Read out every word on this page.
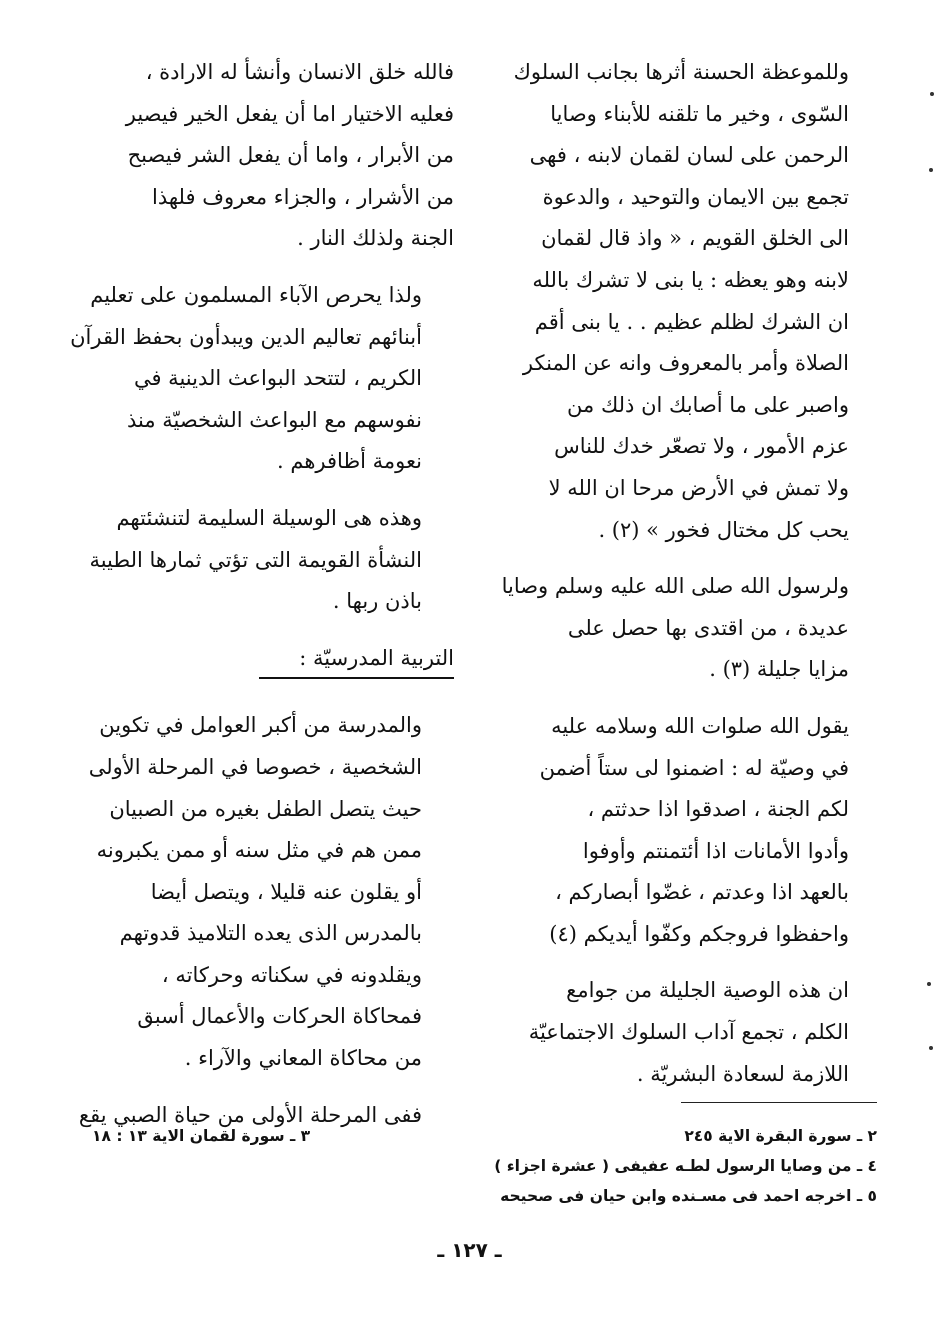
وللموعظة الحسنة أثرها بجانب السلوك
السّوى ، وخير ما تلقنه للأبناء وصايا
الرحمن على لسان لقمان لابنه ، فهى
تجمع بين الايمان والتوحيد ، والدعوة
الى الخلق القويم ، « واذ قال لقمان
لابنه وهو يعظه : يا بنى لا تشرك بالله
ان الشرك لظلم عظيم . . يا بنى أقم
الصلاة وأمر بالمعروف وانه عن المنكر
واصبر على ما أصابك ان ذلك من
عزم الأمور ، ولا تصعّر خدك للناس
ولا تمش في الأرض مرحا ان الله لا
يحب كل مختال فخور » (٢) .

ولرسول الله صلى الله عليه وسلم وصايا
عديدة ، من اقتدى بها حصل على
مزايا جليلة (٣) .

يقول الله صلوات الله وسلامه عليه
في وصيّة له : اضمنوا لى ستاً أضمن
لكم الجنة ، اصدقوا اذا حدثتم ،
وأدوا الأمانات اذا أئتمنتم وأوفوا
بالعهد اذا وعدتم ، غضّوا أبصاركم ،
واحفظوا فروجكم وكفّوا أيديكم (٤)

ان هذه الوصية الجليلة من جوامع
الكلم ، تجمع آداب السلوك الاجتماعيّة
اللازمة لسعادة البشريّة .

فالله خلق الانسان وأنشأ له الارادة ،
فعليه الاختيار اما أن يفعل الخير فيصير
من الأبرار ، واما أن يفعل الشر فيصبح
من الأشرار ، والجزاء معروف فلهذا
الجنة ولذلك النار .

ولذا يحرص الآباء المسلمون على تعليم
أبنائهم تعاليم الدين ويبدأون بحفظ القرآن
الكريم ، لتتحد البواعث الدينية في
نفوسهم مع البواعث الشخصيّة منذ
نعومة أظافرهم .

وهذه هى الوسيلة السليمة لتنشئتهم
النشأة القويمة التى تؤتي ثمارها الطيبة
باذن ربها .

التربية المدرسيّة :

والمدرسة من أكبر العوامل في تكوين
الشخصية ، خصوصا في المرحلة الأولى
حيث يتصل الطفل بغيره من الصبيان
ممن هم في مثل سنه أو ممن يكبرونه
أو يقلون عنه قليلا ، ويتصل أيضا
بالمدرس الذى يعده التلاميذ قدوتهم
ويقلدونه في سكناته وحركاته ،
فمحاكاة الحركات والأعمال أسبق
من محاكاة المعاني والآراء .

ففى المرحلة الأولى من حياة الصبي يقع

٢ ـ سورة البقرة الاية ٢٤٥
٤ ـ من وصايا الرسول لطـه عفيفى ( عشرة اجزاء )
٥ ـ اخرجه احمد فى مسـنده وابن حيان فى صحيحه
٣ ـ سورة لقمان الاية ١٣ : ١٨
ـ ١٢٧ ـ
